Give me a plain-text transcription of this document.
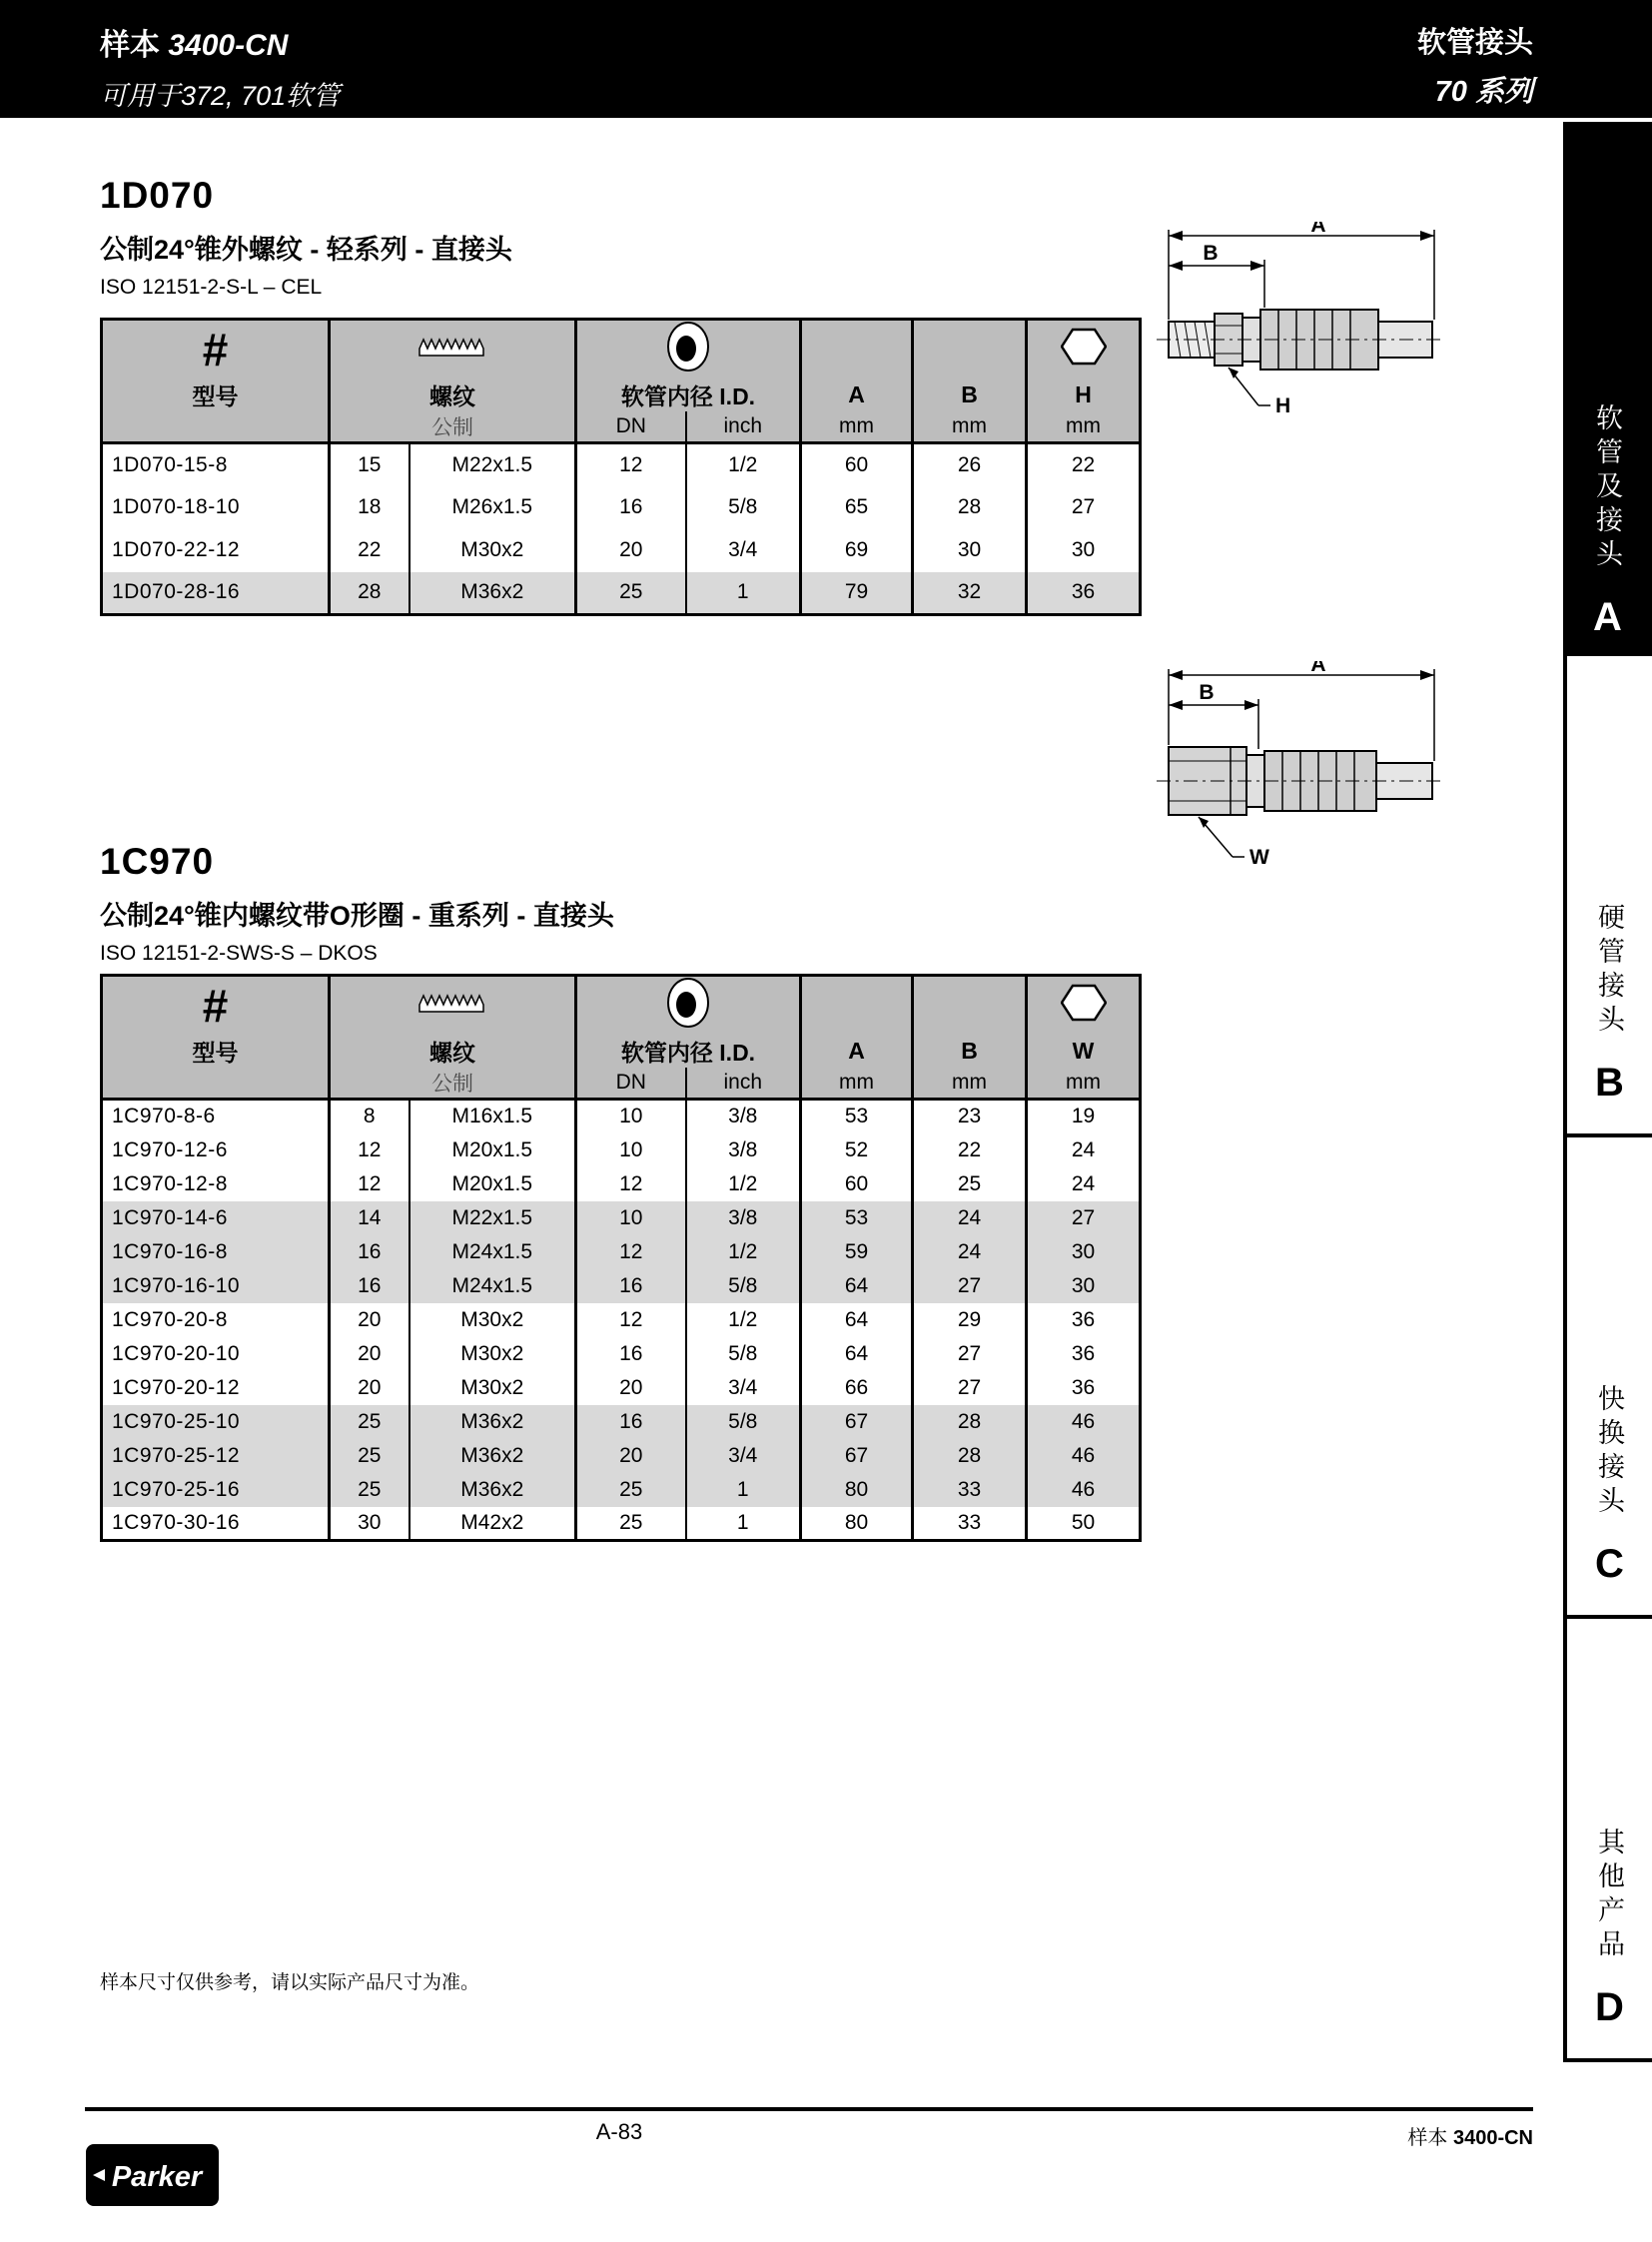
样本 3400-CN
可用于372, 701软管
软管接头
70 系列
软管及接头
A
硬管接头
B
快换接头
C
其他产品
D
1D070
公制24°锥外螺纹 - 轻系列 - 直接头
ISO 12151-2-S-L – CEL
#					
型号	螺纹		软管内径 I.D.		A	B	H
	公制		DN	inch	mm	mm	mm
1D070-15-8	15	M22x1.5	12	1/2	60	26	22
1D070-18-10	18	M26x1.5	16	5/8	65	28	27
1D070-22-12	22	M30x2	20	3/4	69	30	30
1D070-28-16	28	M36x2	25	1	79	32	36
A
B
H
1C970
公制24°锥内螺纹带O形圈 - 重系列 - 直接头
ISO 12151-2-SWS-S – DKOS
#					
型号	螺纹		软管内径 I.D.		A	B	W
	公制		DN	inch	mm	mm	mm
1C970-8-6	8	M16x1.5	10	3/8	53	23	19
1C970-12-6	12	M20x1.5	10	3/8	52	22	24
1C970-12-8	12	M20x1.5	12	1/2	60	25	24
1C970-14-6	14	M22x1.5	10	3/8	53	24	27
1C970-16-8	16	M24x1.5	12	1/2	59	24	30
1C970-16-10	16	M24x1.5	16	5/8	64	27	30
1C970-20-8	20	M30x2	12	1/2	64	29	36
1C970-20-10	20	M30x2	16	5/8	64	27	36
1C970-20-12	20	M30x2	20	3/4	66	27	36
1C970-25-10	25	M36x2	16	5/8	67	28	46
1C970-25-12	25	M36x2	20	3/4	67	28	46
1C970-25-16	25	M36x2	25	1	80	33	46
1C970-30-16	30	M42x2	25	1	80	33	50
A
B
W
样本尺寸仅供参考，请以实际产品尺寸为准。
A-83	样本 3400-CN
Parker
